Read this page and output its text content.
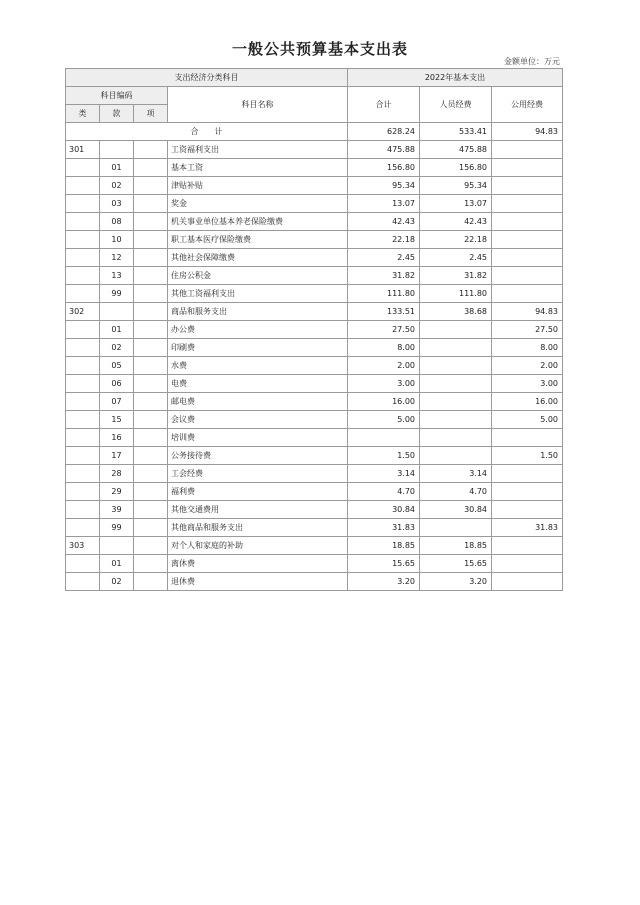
一般公共预算基本支出表
金额单位：万元
支出经济分类科目				2022年基本支出		
科目编码			科目名称	合计	人员经费	公用经费
类	款	项				
合　　计				628.24	533.41	94.83
301			工资福利支出	475.88	475.88	
	01		基本工资	156.80	156.80	
	02		津贴补贴	95.34	95.34	
	03		奖金	13.07	13.07	
	08		机关事业单位基本养老保险缴费	42.43	42.43	
	10		职工基本医疗保险缴费	22.18	22.18	
	12		其他社会保障缴费	2.45	2.45	
	13		住房公积金	31.82	31.82	
	99		其他工资福利支出	111.80	111.80	
302			商品和服务支出	133.51	38.68	94.83
	01		办公费	27.50		27.50
	02		印刷费	8.00		8.00
	05		水费	2.00		2.00
	06		电费	3.00		3.00
	07		邮电费	16.00		16.00
	15		会议费	5.00		5.00
	16		培训费			
	17		公务接待费	1.50		1.50
	28		工会经费	3.14	3.14	
	29		福利费	4.70	4.70	
	39		其他交通费用	30.84	30.84	
	99		其他商品和服务支出	31.83		31.83
303			对个人和家庭的补助	18.85	18.85	
	01		离休费	15.65	15.65	
	02		退休费	3.20	3.20	
